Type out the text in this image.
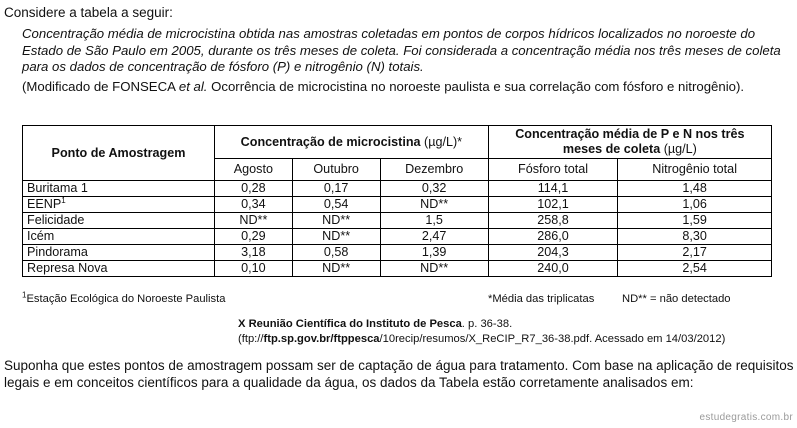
Considere a tabela a seguir:
Concentração média de microcistina obtida nas amostras coletadas em pontos de corpos hídricos localizados no noroeste do Estado de São Paulo em 2005, durante os três meses de coleta. Foi considerada a concentração média nos três meses de coleta para os dados de concentração de fósforo (P) e nitrogênio (N) totais.
(Modificado de FONSECA et al. Ocorrência de microcistina no noroeste paulista e sua correlação com fósforo e nitrogênio).
Ponto de Amostragem	Concentração de microcistina (µg/L)*			Concentração média de P e N nos três
meses de coleta (µg/L)	

	Agosto	Outubro	Dezembro	Fósforo total	Nitrogênio total
Buritama 1	0,28	0,17	0,32	114,1	1,48
EENP$^1$	0,34	0,54	ND**	102,1	1,06
Felicidade	ND**	ND**	1,5	258,8	1,59
Icém	0,29	ND**	2,47	286,0	8,30
Pindorama	3,18	0,58	1,39	204,3	2,17
Represa Nova	0,10	ND**	ND**	240,0	2,54
$^1$Estação Ecológica do Noroeste Paulista	*Média das triplicatas ND** = não detectado
X Reunião Científica do Instituto de Pesca. p. 36-38.
(ftp://ftp.sp.gov.br/ftppesca/10recip/resumos/X_ReCIP_R7_36-38.pdf. Acessado em 14/03/2012)
Suponha que estes pontos de amostragem possam ser de captação de água para tratamento. Com base na aplicação de requisitos legais e em conceitos científicos para a qualidade da água, os dados da Tabela estão corretamente analisados em:
estudegratis.com.br
